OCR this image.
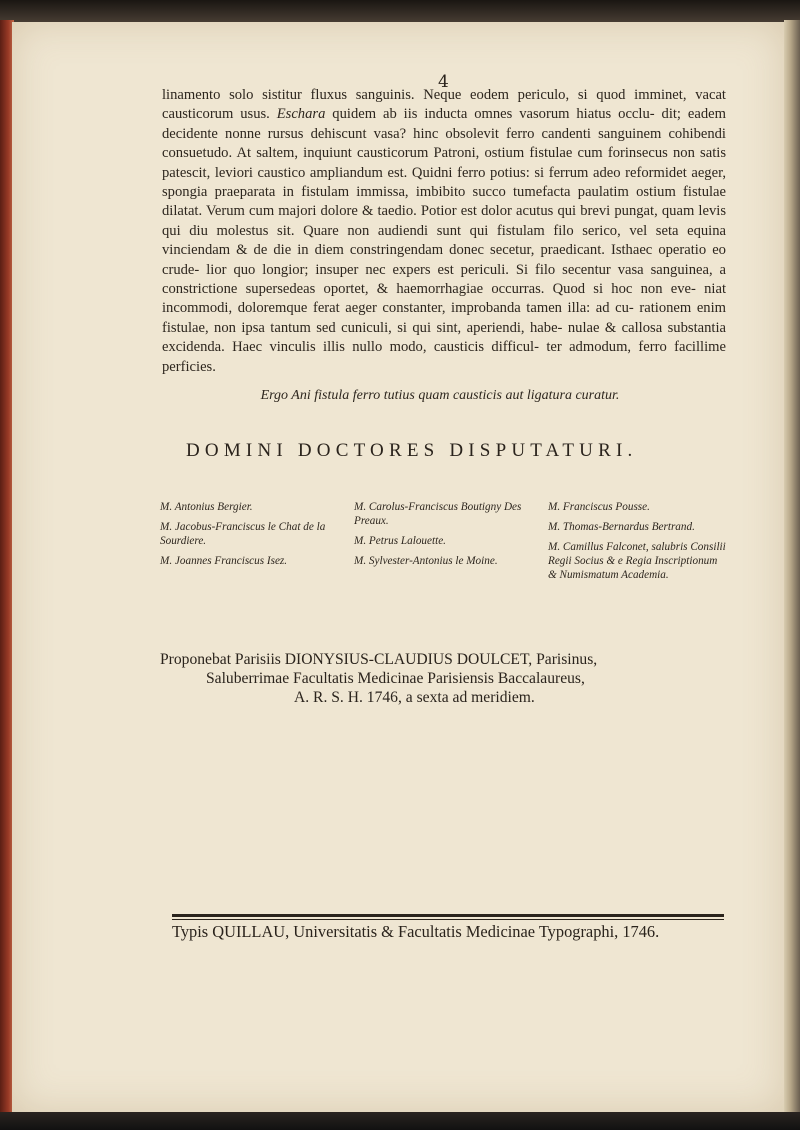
4

linamento solo sistitur fluxus sanguinis. Neque eodem periculo, si quod imminet, vacat causticorum usus. Eschara quidem ab iis inducta omnes vasorum hiatus occlu- dit; eadem decidente nonne rursus dehiscunt vasa? hinc obsolevit ferro candenti sanguinem cohibendi consuetudo. At saltem, inquiunt causticorum Patroni, ostium fistulae cum forinsecus non satis patescit, leviori caustico ampliandum est. Quidni ferro potius: si ferrum adeo reformidet aeger, spongia praeparata in fistulam immissa, imbibito succo tumefacta paulatim ostium fistulae dilatat. Verum cum majori dolore & taedio. Potior est dolor acutus qui brevi pungat, quam levis qui diu molestus sit. Quare non audiendi sunt qui fistulam filo serico, vel seta equina vinciendam & de die in diem constringendam donec secetur, praedicant. Isthaec operatio eo crude- lior quo longior; insuper nec expers est periculi. Si filo secentur vasa sanguinea, a constrictione supersedeas oportet, & haemorrhagiae occurras. Quod si hoc non eve- niat incommodi, doloremque ferat aeger constanter, improbanda tamen illa: ad cu- rationem enim fistulae, non ipsa tantum sed cuniculi, si qui sint, aperiendi, habe- nulae & callosa substantia excidenda. Haec vinculis illis nullo modo, causticis difficul- ter admodum, ferro facillime perficies.

Ergo Ani fistula ferro tutius quam causticis aut ligatura curatur.
DOMINI DOCTORES DISPUTATURI.
M. Antonius Bergier.
M. Jacobus-Franciscus le Chat de la Sourdiere.
M. Joannes Franciscus Isez.
M. Carolus-Franciscus Boutigny Des Preaux.
M. Petrus Lalouette.
M. Sylvester-Antonius le Moine.
M. Franciscus Pousse.
M. Thomas-Bernardus Bertrand.
M. Camillus Falconet, salubris Consilii Regii Socius & e Regia Inscriptionum & Numismatum Academia.
Proponebat Parisiis DIONYSIUS-CLAUDIUS DOULCET, Parisinus,
Saluberrimae Facultatis Medicinae Parisiensis Baccalaureus,
A. R. S. H. 1746, a sexta ad meridiem.
Typis QUILLAU, Universitatis & Facultatis Medicinae Typographi, 1746.
